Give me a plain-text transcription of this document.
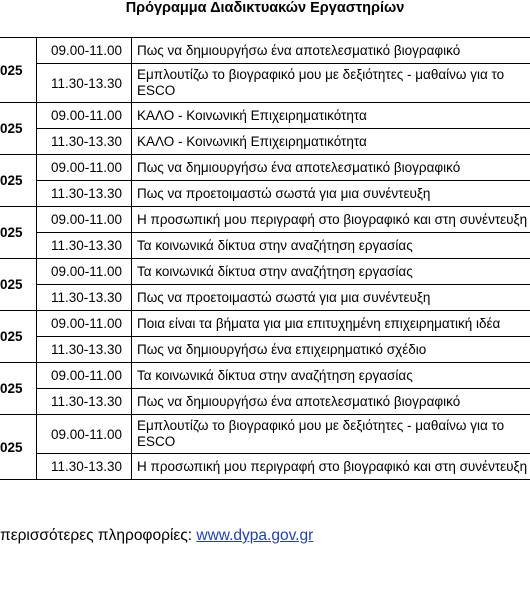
Πρόγραμμα Διαδικτυακών Εργαστηρίων
025	09.00-11.00	Πως να δημιουργήσω ένα αποτελεσματικό βιογραφικό
	11.30-13.30	Εμπλουτίζω το βιογραφικό μου με δεξιότητες - μαθαίνω για το ESCO

025	09.00-11.00	ΚΑΛΟ - Κοινωνική Επιχειρηματικότητα
	11.30-13.30	ΚΑΛΟ - Κοινωνική Επιχειρηματικότητα
025	09.00-11.00	Πως να δημιουργήσω ένα αποτελεσματικό βιογραφικό
	11.30-13.30	Πως να προετοιμαστώ σωστά για μια συνέντευξη
025	09.00-11.00	Η προσωπική μου περιγραφή στο βιογραφικό και στη συνέντευξη
	11.30-13.30	Τα κοινωνικά δίκτυα στην αναζήτηση εργασίας
025	09.00-11.00	Τα κοινωνικά δίκτυα στην αναζήτηση εργασίας
	11.30-13.30	Πως να προετοιμαστώ σωστά για μια συνέντευξη
025	09.00-11.00	Ποια είναι τα βήματα για μια επιτυχημένη επιχειρηματική ιδέα
	11.30-13.30	Πως να δημιουργήσω ένα επιχειρηματικό σχέδιο
025	09.00-11.00	Τα κοινωνικά δίκτυα στην αναζήτηση εργασίας
	11.30-13.30	Πως να δημιουργήσω ένα αποτελεσματικό βιογραφικό
025	09.00-11.00	Εμπλουτίζω το βιογραφικό μου με δεξιότητες - μαθαίνω για το ESCO

	11.30-13.30	Η προσωπική μου περιγραφή στο βιογραφικό και στη συνέντευξη
περισσότερες πληροφορίες: www.dypa.gov.gr
